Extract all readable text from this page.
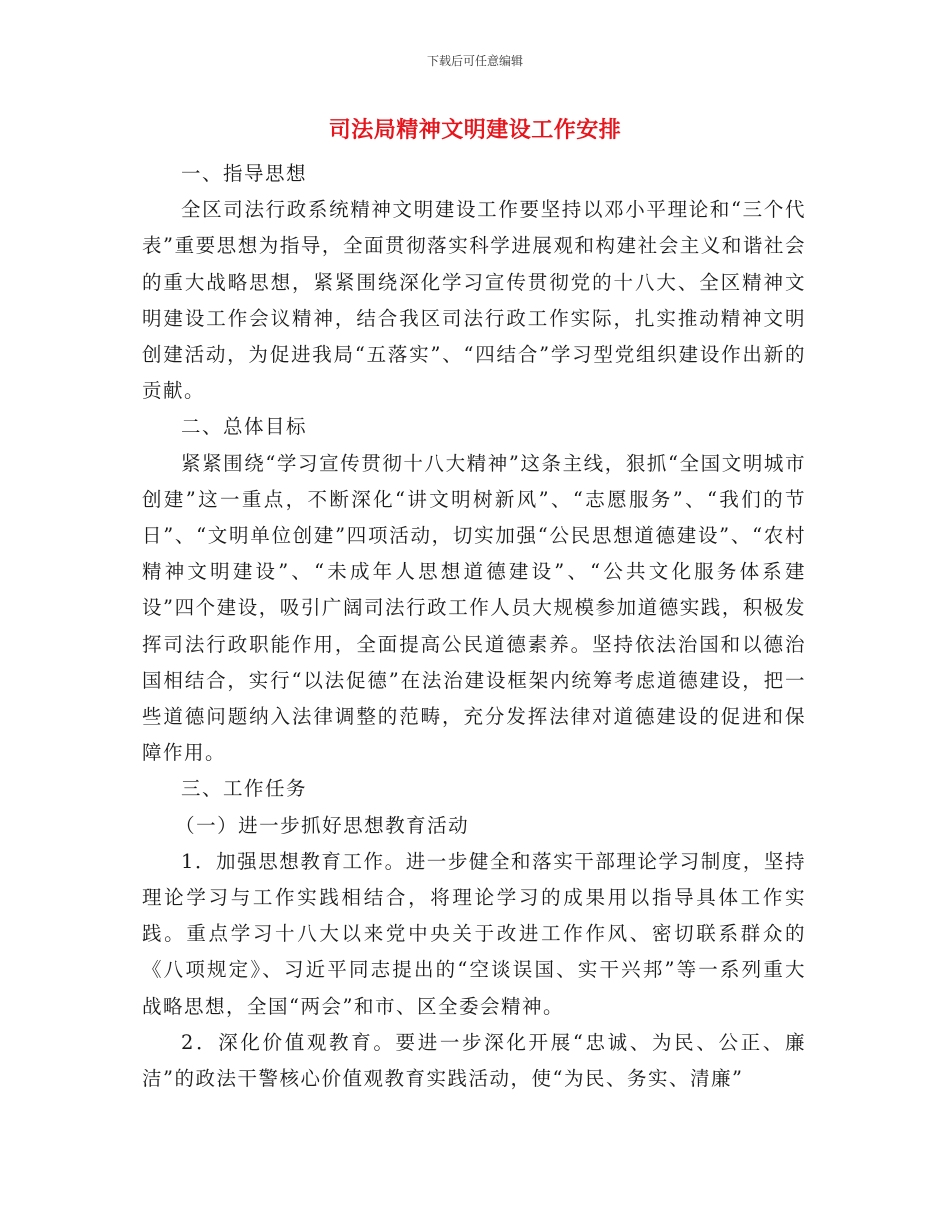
下载后可任意编辑
司法局精神文明建设工作安排

一、指导思想

全区司法行政系统精神文明建设工作要坚持以邓小平理论和“三个代表”重要思想为指导，全面贯彻落实科学进展观和构建社会主义和谐社会的重大战略思想，紧紧围绕深化学习宣传贯彻党的十八大、全区精神文明建设工作会议精神，结合我区司法行政工作实际，扎实推动精神文明创建活动，为促进我局“五落实”、“四结合”学习型党组织建设作出新的贡献。

二、总体目标

紧紧围绕“学习宣传贯彻十八大精神”这条主线，狠抓“全国文明城市创建”这一重点，不断深化“讲文明树新风”、“志愿服务”、“我们的节日”、“文明单位创建”四项活动，切实加强“公民思想道德建设”、“农村精神文明建设”、“未成年人思想道德建设”、“公共文化服务体系建设”四个建设，吸引广阔司法行政工作人员大规模参加道德实践，积极发挥司法行政职能作用，全面提高公民道德素养。坚持依法治国和以德治国相结合，实行“以法促德”在法治建设框架内统筹考虑道德建设，把一些道德问题纳入法律调整的范畴，充分发挥法律对道德建设的促进和保障作用。

三、工作任务

（一）进一步抓好思想教育活动

1．加强思想教育工作。进一步健全和落实干部理论学习制度，坚持理论学习与工作实践相结合，将理论学习的成果用以指导具体工作实践。重点学习十八大以来党中央关于改进工作作风、密切联系群众的《八项规定》、习近平同志提出的“空谈误国、实干兴邦”等一系列重大战略思想，全国“两会”和市、区全委会精神。

2．深化价值观教育。要进一步深化开展“忠诚、为民、公正、廉洁”的政法干警核心价值观教育实践活动，使“为民、务实、清廉”
